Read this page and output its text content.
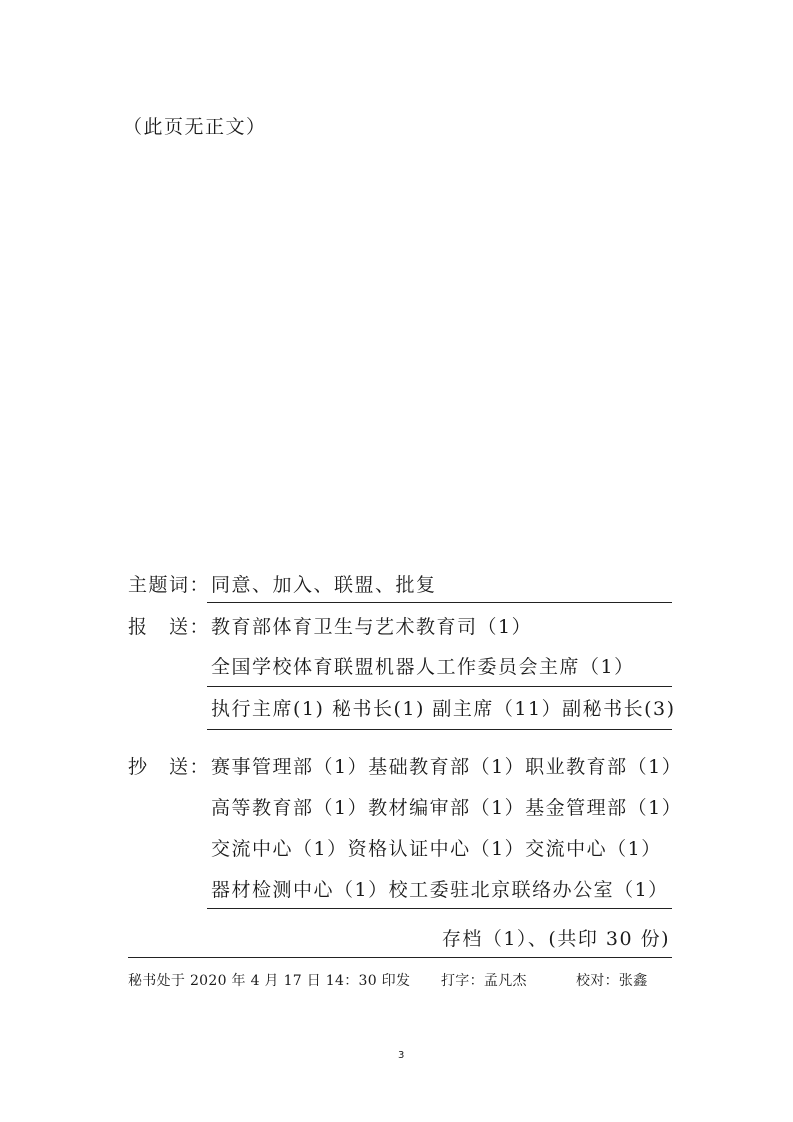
（此页无正文）
主题词： 同意、加入、联盟、批复
报　送： 教育部体育卫生与艺术教育司（1）
全国学校体育联盟机器人工作委员会主席（1）
执行主席(1) 秘书长(1) 副主席（11）副秘书长(3)
抄　送： 赛事管理部（1）基础教育部（1）职业教育部（1）
高等教育部（1）教材编审部（1）基金管理部（1）
交流中心（1）资格认证中心（1）交流中心（1）
器材检测中心（1）校工委驻北京联络办公室（1）
存档（1）、(共印 30 份)
秘书处于 2020 年 4 月 17 日 14：30 印发 打字：孟凡杰	校对：张鑫
3
